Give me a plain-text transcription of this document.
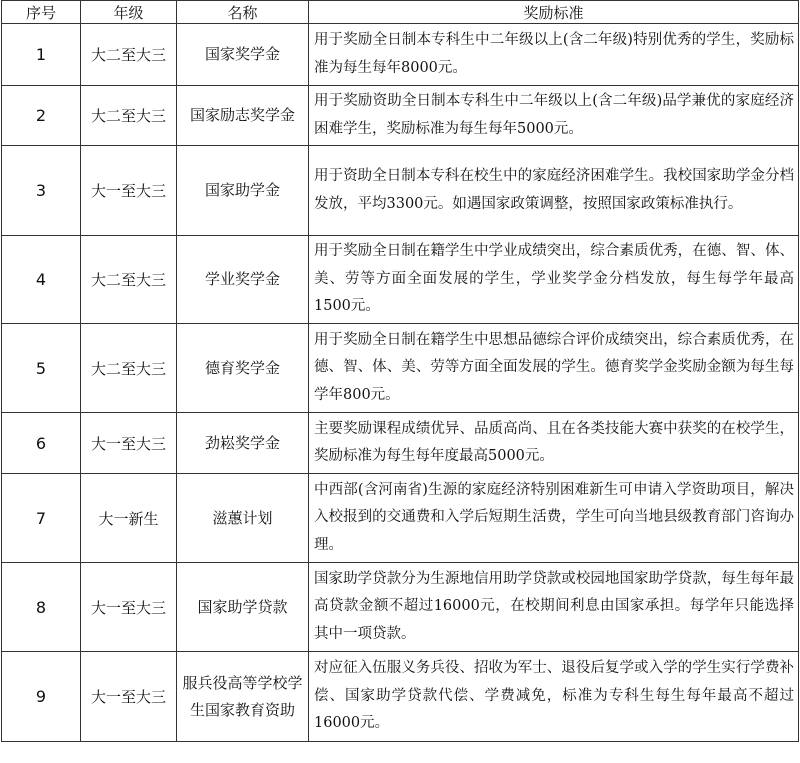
序号	年级	名称	奖励标准
1	大二至大三	国家奖学金	用于奖励全日制本专科生中二年级以上(含二年级)特别优秀的学生，奖励标准为每生每年8000元。
2	大二至大三	国家励志奖学金	用于奖励资助全日制本专科生中二年级以上(含二年级)品学兼优的家庭经济困难学生，奖励标准为每生每年5000元。
3	大一至大三	国家助学金	用于资助全日制本专科在校生中的家庭经济困难学生。我校国家助学金分档发放，平均3300元。如遇国家政策调整，按照国家政策标准执行。
4	大二至大三	学业奖学金	用于奖励全日制在籍学生中学业成绩突出，综合素质优秀，在德、智、体、美、劳等方面全面发展的学生，学业奖学金分档发放，每生每学年最高1500元。
5	大二至大三	德育奖学金	用于奖励全日制在籍学生中思想品德综合评价成绩突出，综合素质优秀，在德、智、体、美、劳等方面全面发展的学生。德育奖学金奖励金额为每生每学年800元。
6	大一至大三	劲崧奖学金	主要奖励课程成绩优异、品质高尚、且在各类技能大赛中获奖的在校学生，奖励标准为每生每年度最高5000元。
7	大一新生	滋蕙计划	中西部(含河南省)生源的家庭经济特别困难新生可申请入学资助项目，解决入校报到的交通费和入学后短期生活费，学生可向当地县级教育部门咨询办理。
8	大一至大三	国家助学贷款	国家助学贷款分为生源地信用助学贷款或校园地国家助学贷款，每生每年最高贷款金额不超过16000元，在校期间利息由国家承担。每学年只能选择其中一项贷款。
9	大一至大三	服兵役高等学校学生国家教育资助	对应征入伍服义务兵役、招收为军士、退役后复学或入学的学生实行学费补偿、国家助学贷款代偿、学费减免，标准为专科生每生每年最高不超过16000元。
